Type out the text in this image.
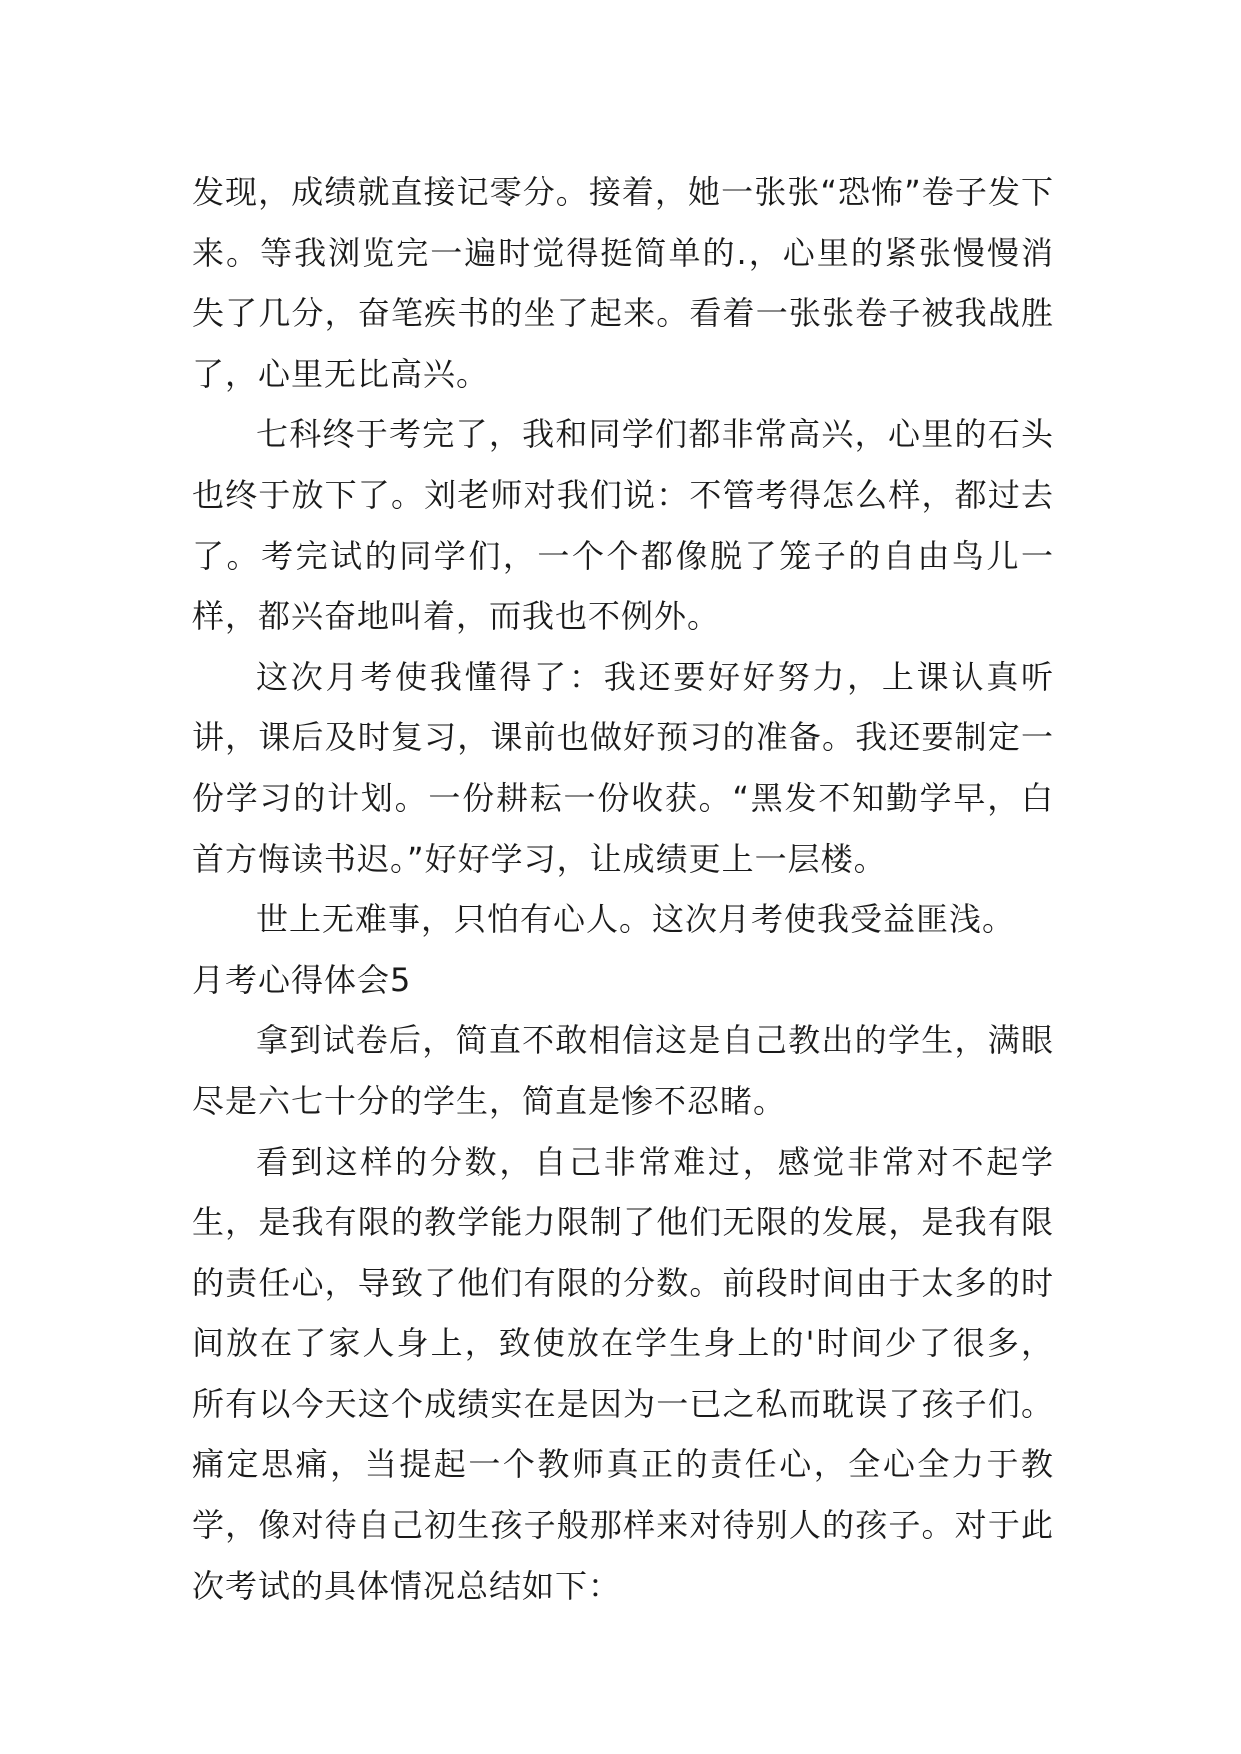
发现，成绩就直接记零分。接着，她一张张“恐怖”卷子发下来。等我浏览完一遍时觉得挺简单的.，心里的紧张慢慢消失了几分，奋笔疾书的坐了起来。看着一张张卷子被我战胜了，心里无比高兴。

七科终于考完了，我和同学们都非常高兴，心里的石头也终于放下了。刘老师对我们说：不管考得怎么样，都过去了。考完试的同学们，一个个都像脱了笼子的自由鸟儿一样，都兴奋地叫着，而我也不例外。

这次月考使我懂得了：我还要好好努力，上课认真听讲，课后及时复习，课前也做好预习的准备。我还要制定一份学习的计划。一份耕耘一份收获。“黑发不知勤学早，白首方悔读书迟。”好好学习，让成绩更上一层楼。

世上无难事，只怕有心人。这次月考使我受益匪浅。

月考心得体会5

拿到试卷后，简直不敢相信这是自己教出的学生，满眼尽是六七十分的学生，简直是惨不忍睹。

看到这样的分数，自己非常难过，感觉非常对不起学生，是我有限的教学能力限制了他们无限的发展，是我有限的责任心，导致了他们有限的分数。前段时间由于太多的时间放在了家人身上，致使放在学生身上的'时间少了很多，所有以今天这个成绩实在是因为一已之私而耽误了孩子们。痛定思痛，当提起一个教师真正的责任心，全心全力于教学，像对待自己初生孩子般那样来对待别人的孩子。对于此次考试的具体情况总结如下：
